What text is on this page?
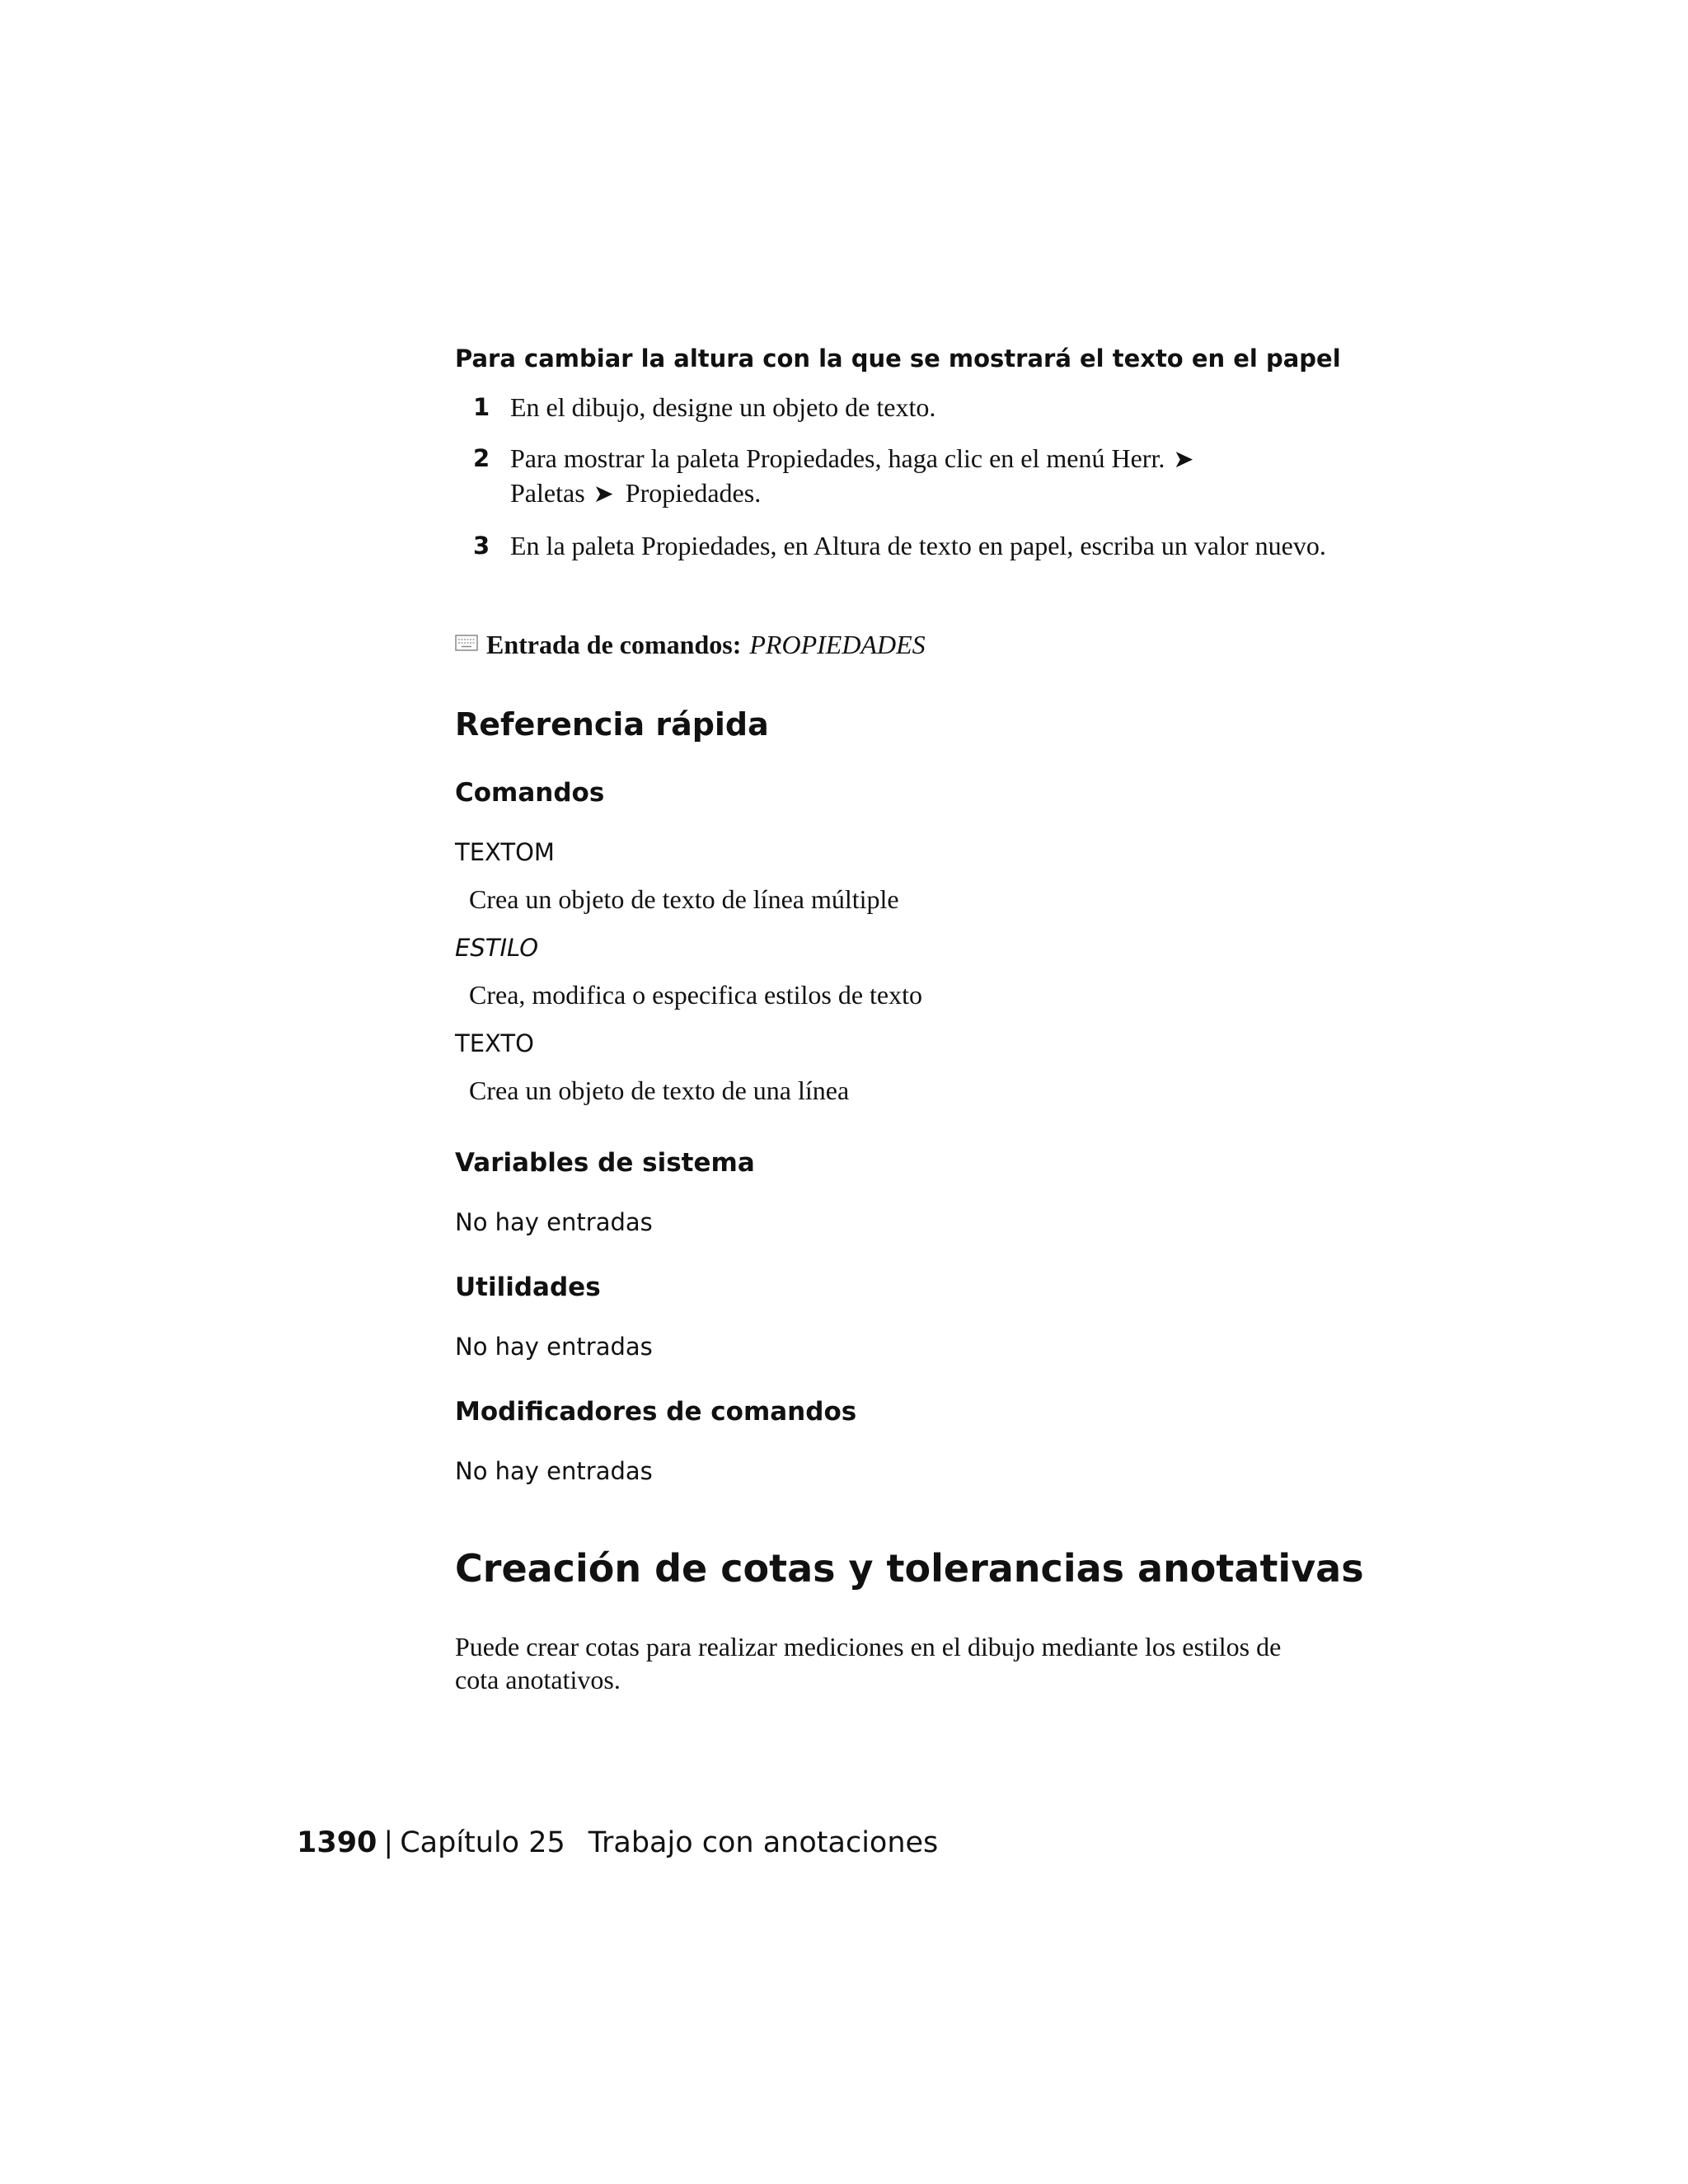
Para cambiar la altura con la que se mostrará el texto en el papel
1 En el dibujo, designe un objeto de texto.
2 Para mostrar la paleta Propiedades, haga clic en el menú Herr. ➤
Paletas ➤ Propiedades.
3 En la paleta Propiedades, en Altura de texto en papel, escriba un valor nuevo.
Entrada de comandos: PROPIEDADES
Referencia rápida
Comandos
TEXTOM
Crea un objeto de texto de línea múltiple
ESTILO
Crea, modifica o especifica estilos de texto
TEXTO
Crea un objeto de texto de una línea
Variables de sistema
No hay entradas
Utilidades
No hay entradas
Modificadores de comandos
No hay entradas
Creación de cotas y tolerancias anotativas
Puede crear cotas para realizar mediciones en el dibujo mediante los estilos de cota anotativos.
1390 | Capítulo 25 Trabajo con anotaciones
